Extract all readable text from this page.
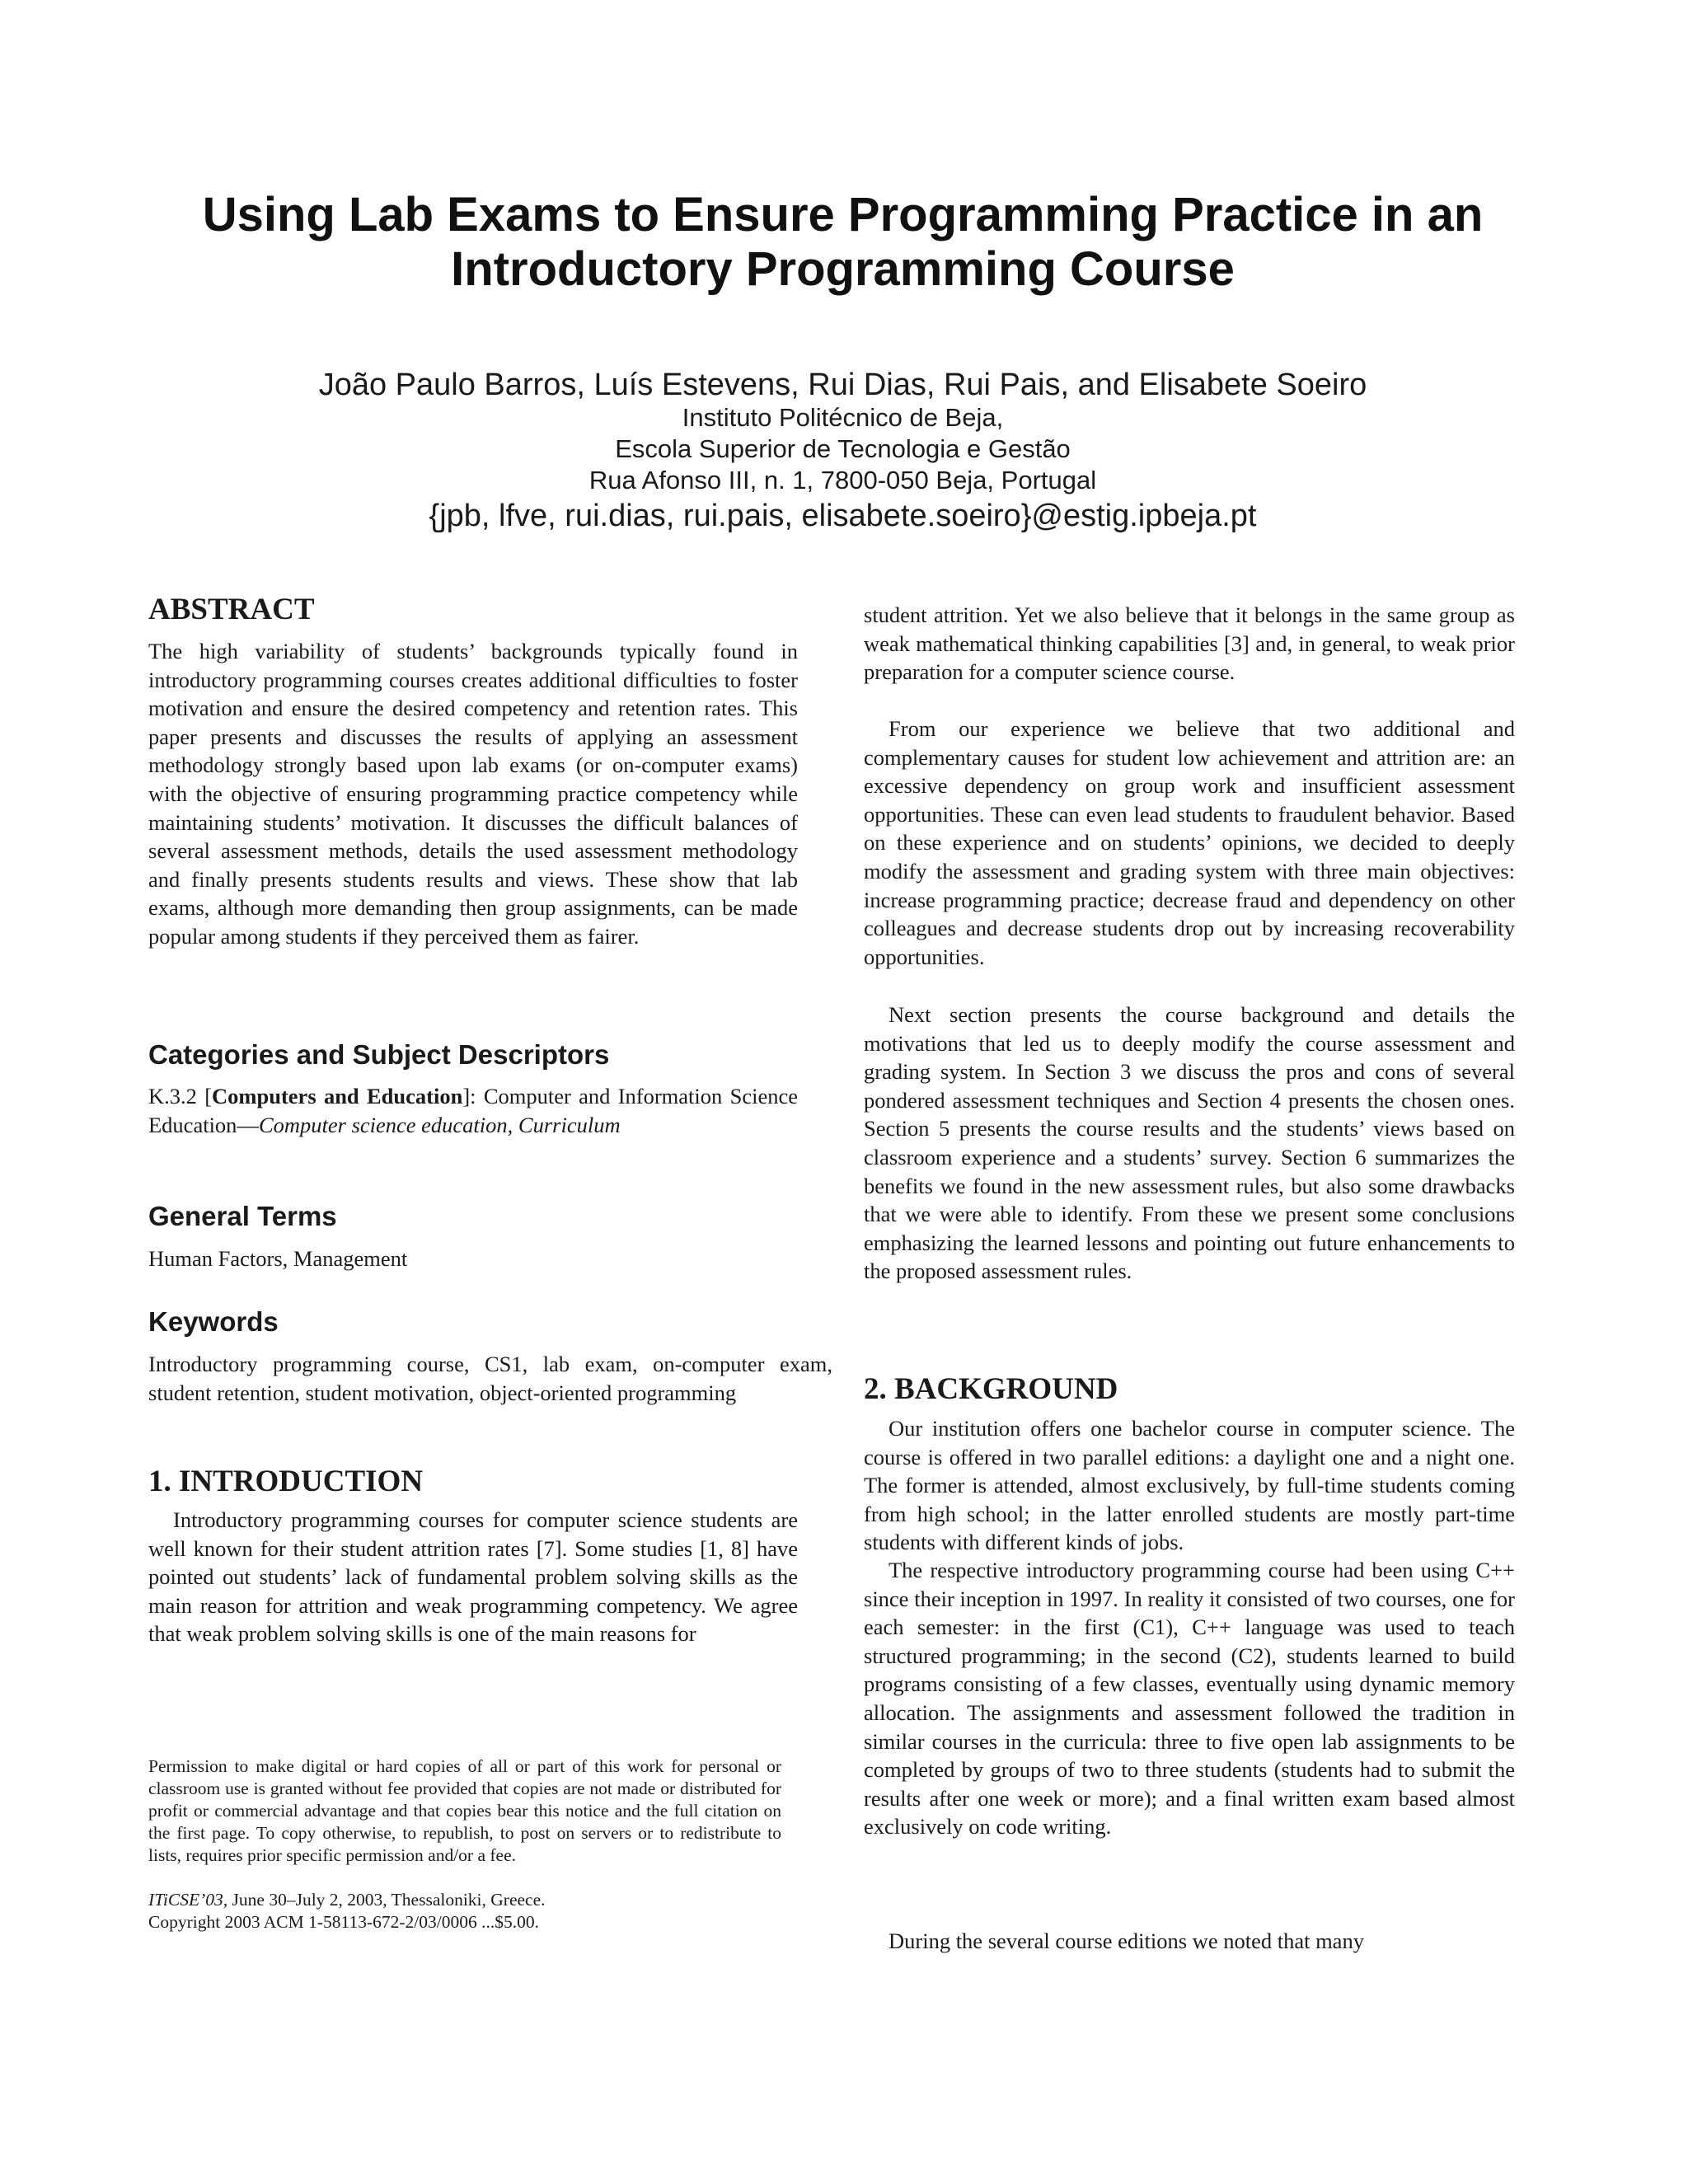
Using Lab Exams to Ensure Programming Practice in an
Introductory Programming Course
João Paulo Barros, Luís Estevens, Rui Dias, Rui Pais, and Elisabete Soeiro
Instituto Politécnico de Beja,
Escola Superior de Tecnologia e Gestão
Rua Afonso III, n. 1, 7800-050 Beja, Portugal
{jpb, lfve, rui.dias, rui.pais, elisabete.soeiro}@estig.ipbeja.pt
ABSTRACT

The high variability of students’ backgrounds typically found in introductory programming courses creates additional difficulties to foster motivation and ensure the desired competency and retention rates. This paper presents and discusses the results of applying an assessment methodology strongly based upon lab exams (or on-computer exams) with the objective of ensuring programming practice competency while maintaining students’ motivation. It discusses the difficult balances of several assessment methods, details the used assessment methodology and finally presents students results and views. These show that lab exams, although more demanding then group assignments, can be made popular among students if they perceived them as fairer.

Categories and Subject Descriptors

K.3.2 [Computers and Education]: Computer and Information Science Education—Computer science education, Curriculum

General Terms

Human Factors, Management

Keywords

Introductory programming course, CS1, lab exam, on-computer exam, student retention, student motivation, object-oriented programming

1. INTRODUCTION

Introductory programming courses for computer science students are well known for their student attrition rates [7]. Some studies [1, 8] have pointed out students’ lack of fundamental problem solving skills as the main reason for attrition and weak programming competency. We agree that weak problem solving skills is one of the main reasons for

Permission to make digital or hard copies of all or part of this work for personal or classroom use is granted without fee provided that copies are not made or distributed for profit or commercial advantage and that copies bear this notice and the full citation on the first page. To copy otherwise, to republish, to post on servers or to redistribute to lists, requires prior specific permission and/or a fee.

ITiCSE’03, June 30–July 2, 2003, Thessaloniki, Greece.

Copyright 2003 ACM 1-58113-672-2/03/0006 ...$5.00.

student attrition. Yet we also believe that it belongs in the same group as weak mathematical thinking capabilities [3] and, in general, to weak prior preparation for a computer science course.

From our experience we believe that two additional and complementary causes for student low achievement and attrition are: an excessive dependency on group work and insufficient assessment opportunities. These can even lead students to fraudulent behavior. Based on these experience and on students’ opinions, we decided to deeply modify the assessment and grading system with three main objectives: increase programming practice; decrease fraud and dependency on other colleagues and decrease students drop out by increasing recoverability opportunities.

Next section presents the course background and details the motivations that led us to deeply modify the course assessment and grading system. In Section 3 we discuss the pros and cons of several pondered assessment techniques and Section 4 presents the chosen ones. Section 5 presents the course results and the students’ views based on classroom experience and a students’ survey. Section 6 summarizes the benefits we found in the new assessment rules, but also some drawbacks that we were able to identify. From these we present some conclusions emphasizing the learned lessons and pointing out future enhancements to the proposed assessment rules.

2. BACKGROUND

Our institution offers one bachelor course in computer science. The course is offered in two parallel editions: a daylight one and a night one. The former is attended, almost exclusively, by full-time students coming from high school; in the latter enrolled students are mostly part-time students with different kinds of jobs.

The respective introductory programming course had been using C++ since their inception in 1997. In reality it consisted of two courses, one for each semester: in the first (C1), C++ language was used to teach structured programming; in the second (C2), students learned to build programs consisting of a few classes, eventually using dynamic memory allocation. The assignments and assessment followed the tradition in similar courses in the curricula: three to five open lab assignments to be completed by groups of two to three students (students had to submit the results after one week or more); and a final written exam based almost exclusively on code writing.

During the several course editions we noted that many
